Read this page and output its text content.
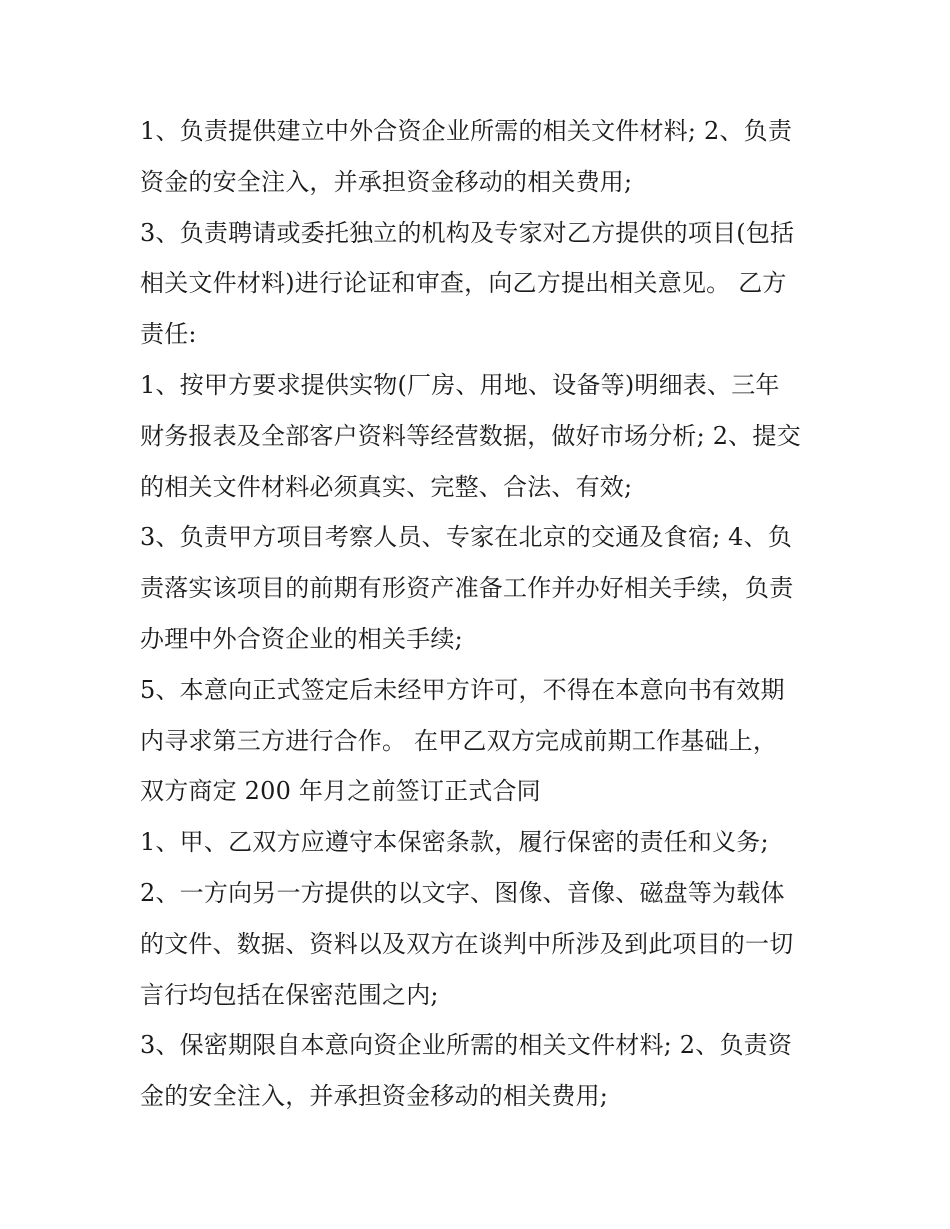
1、负责提供建立中外合资企业所需的相关文件材料; 2、负责
资金的安全注入，并承担资金移动的相关费用;
3、负责聘请或委托独立的机构及专家对乙方提供的项目(包括
相关文件材料)进行论证和审查，向乙方提出相关意见。 乙方
责任:
1、按甲方要求提供实物(厂房、用地、设备等)明细表、三年
财务报表及全部客户资料等经营数据，做好市场分析; 2、提交
的相关文件材料必须真实、完整、合法、有效;
3、负责甲方项目考察人员、专家在北京的交通及食宿; 4、负
责落实该项目的前期有形资产准备工作并办好相关手续，负责
办理中外合资企业的相关手续;
5、本意向正式签定后未经甲方许可，不得在本意向书有效期
内寻求第三方进行合作。 在甲乙双方完成前期工作基础上，
双方商定 200 年月之前签订正式合同
1、甲、乙双方应遵守本保密条款，履行保密的责任和义务;
2、一方向另一方提供的以文字、图像、音像、磁盘等为载体
的文件、数据、资料以及双方在谈判中所涉及到此项目的一切
言行均包括在保密范围之内;
3、保密期限自本意向资企业所需的相关文件材料; 2、负责资
金的安全注入，并承担资金移动的相关费用;
